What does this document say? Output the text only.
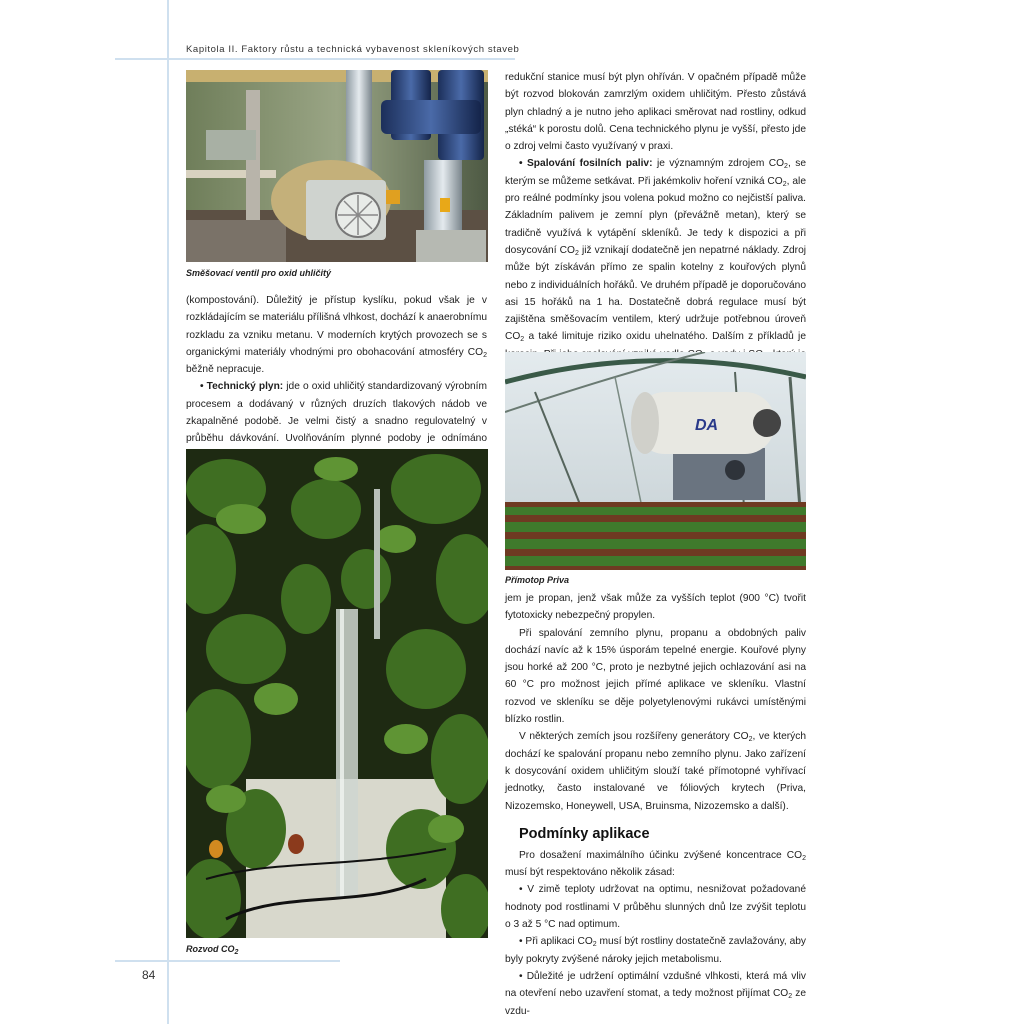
Kapitola II. Faktory růstu a technická vybavenost skleníkových staveb
Směšovací ventil pro oxid uhličitý

(kompostování). Důležitý je přístup kyslíku, pokud však je v rozkládajícím se materiálu přílišná vlhkost, dochází k anaerobnímu rozkladu za vzniku metanu. V moderních krytých provozech se s organickými materiály vhodnými pro obohacování atmosféry $CO_2$ běžně nepracuje.

• Technický plyn: jde o oxid uhličitý standardizovaný výrobním procesem a dodávaný v různých druzích tlakových nádob ve zkapalněné podobě. Je velmi čistý a snadno regulovatelný v průběhu dávkování. Uvolňováním plynné podoby je odnímáno

Rozvod $CO_2$

redukční stanice musí být plyn ohříván. V opačném případě může být rozvod blokován zamrzlým oxidem uhličitým. Přesto zůstává plyn chladný a je nutno jeho aplikaci směrovat nad rostliny, odkud „stéká“ k porostu dolů. Cena technického plynu je vyšší, přesto jde o zdroj velmi často využívaný v praxi.

• Spalování fosilních paliv: je významným zdrojem $CO_2$, se kterým se můžeme setkávat. Při jakémkoliv hoření vzniká $CO_2$, ale pro reálné podmínky jsou volena pokud možno co nejčistší paliva. Základním palivem je zemní plyn (převážně metan), který se tradičně využívá k vytápění skleníků. Je tedy k dispozici a při dosycování $CO_2$ již vznikají dodatečně jen nepatrné náklady. Zdroj může být získáván přímo ze spalin kotelny z kouřových plynů nebo z individuálních hořáků. Ve druhém případě je doporučováno asi 15 hořáků na 1 ha. Dostatečně dobrá regulace musí být zajištěna směšovacím ventilem, který udržuje potřebnou úroveň $CO_2$ a také limituje riziko oxidu uhelnatého. Dalším z příkladů je

DA
Přímotop Priva

jem je propan, jenž však může za vyšších teplot (900 °C) tvořit fytotoxicky nebezpečný propylen.

Při spalování zemního plynu, propanu a obdobných paliv dochází navíc až k 15% úsporám tepelné energie. Kouřové plyny jsou horké až 200 °C, proto je nezbytné jejich ochlazování asi na 60 °C pro možnost jejich přímé aplikace ve skleníku. Vlastní rozvod ve skleníku se děje polyetylenovými rukávci umístěnými blízko rostlin.

V některých zemích jsou rozšířeny generátory $CO_2$, ve kterých dochází ke spalování propanu nebo zemního plynu. Jako zařízení k dosycování oxidem uhličitým slouží také přímotopné vyhřívací jednotky, často instalované ve fóliových krytech (Priva, Nizozemsko, Honeywell, USA, Bruinsma, Nizozemsko a další).

Podmínky aplikace

Pro dosažení maximálního účinku zvýšené koncentrace $CO_2$ musí být respektováno několik zásad:

• V zimě teploty udržovat na optimu, nesnižovat požadované hodnoty pod rostlinami V průběhu slunných dnů lze zvýšit teplotu o 3 až 5 °C nad optimum.

• Při aplikaci $CO_2$ musí být rostliny dostatečně zavlažovány, aby byly pokryty zvýšené nároky jejich metabolismu.

• Důležité je udržení optimální vzdušné vlhkosti, která má vliv na otevření nebo uzavření stomat, a tedy možnost přijímat $CO_2$ ze vzdu-

84
